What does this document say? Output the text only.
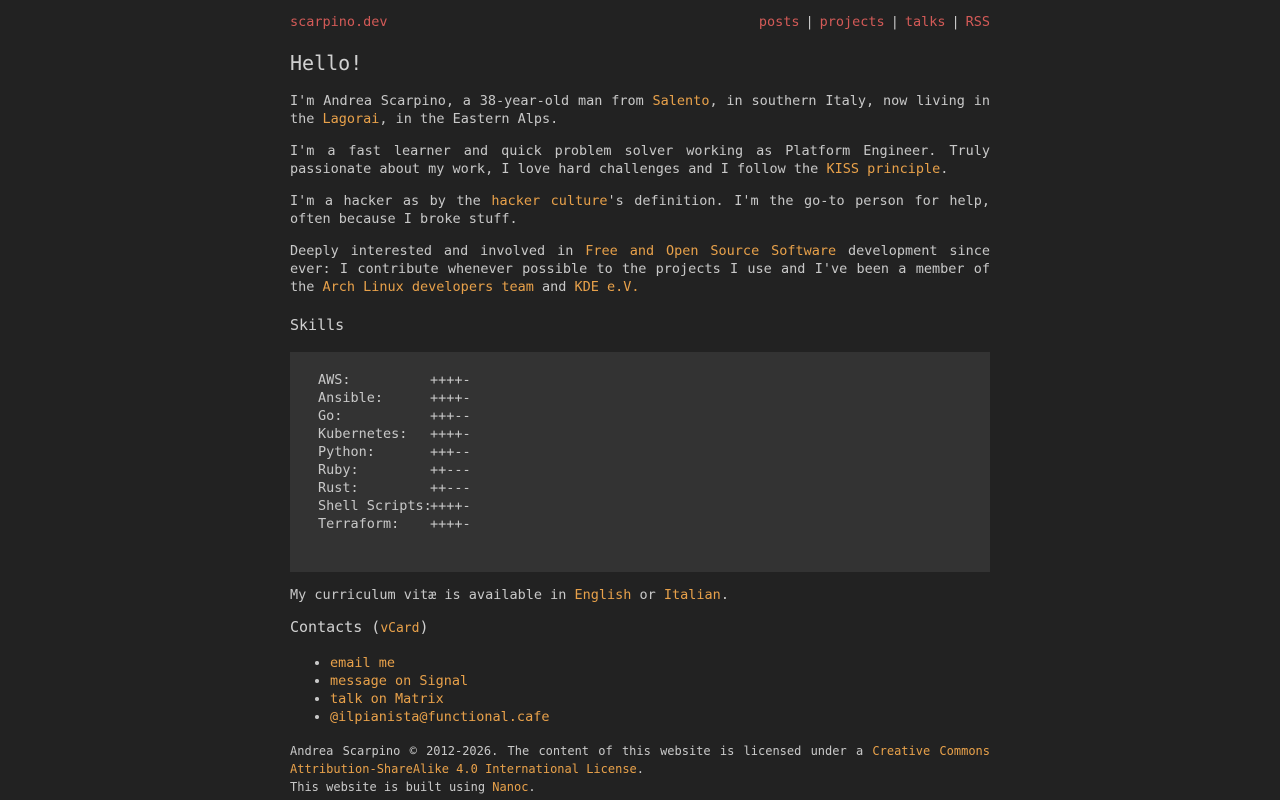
scarpino.dev	posts | projects | talks | RSS
Hello!

I'm Andrea Scarpino, a 38-year-old man from Salento, in southern Italy, now living in the Lagorai, in the Eastern Alps.

I'm a fast learner and quick problem solver working as Platform Engineer. Truly passionate about my work, I love hard challenges and I follow the KISS principle.

I'm a hacker as by the hacker culture's definition. I'm the go-to person for help, often because I broke stuff.

Deeply interested and involved in Free and Open Source Software development since ever: I contribute whenever possible to the projects I use and I've been a member of the Arch Linux developers team and KDE e.V.

Skills
AWS:	++++-
Ansible:	++++-
Go:	+++--
Kubernetes: ++++-
Python:	+++--
Ruby:	++---
Rust:	++---
Shell Scripts:++++-
Terraform: ++++-

My curriculum vitæ is available in English or Italian.

Contacts (vCard)
• email me
• message on Signal
• talk on Matrix
• @ilpianista@functional.cafe
Andrea Scarpino © 2012-2026. The content of this website is licensed under a Creative Commons Attribution-ShareAlike 4.0 International License.
This website is built using Nanoc.
